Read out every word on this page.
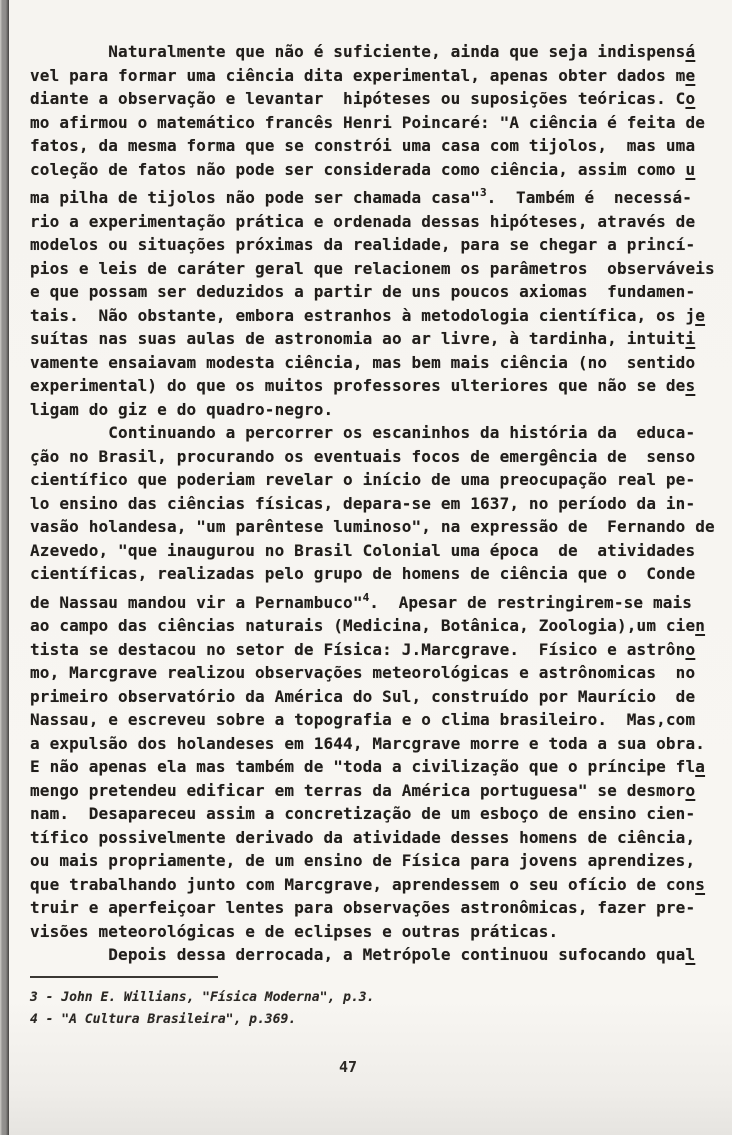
Naturalmente que não é suficiente, ainda que seja indispensá
vel para formar uma ciência dita experimental, apenas obter dados me
diante a observação e levantar  hipóteses ou suposições teóricas. Co
mo afirmou o matemático francês Henri Poincaré: "A ciência é feita de
fatos, da mesma forma que se constrói uma casa com tijolos,  mas uma
coleção de fatos não pode ser considerada como ciência, assim como u
ma pilha de tijolos não pode ser chamada casa"$^3$.  Também é  necessá-
rio a experimentação prática e ordenada dessas hipóteses, através de
modelos ou situações próximas da realidade, para se chegar a princí-
pios e leis de caráter geral que relacionem os parâmetros  observáveis
e que possam ser deduzidos a partir de uns poucos axiomas  fundamen-
tais.  Não obstante, embora estranhos à metodologia científica, os je
suítas nas suas aulas de astronomia ao ar livre, à tardinha, intuiti
vamente ensaiavam modesta ciência, mas bem mais ciência (no  sentido
experimental) do que os muitos professores ulteriores que não se des
ligam do giz e do quadro-negro.
Continuando a percorrer os escaninhos da história da  educa-
ção no Brasil, procurando os eventuais focos de emergência de  senso
científico que poderiam revelar o início de uma preocupação real pe-
lo ensino das ciências físicas, depara-se em 1637, no período da in-
vasão holandesa, "um parêntese luminoso", na expressão de  Fernando de
Azevedo, "que inaugurou no Brasil Colonial uma época  de  atividades
científicas, realizadas pelo grupo de homens de ciência que o  Conde
de Nassau mandou vir a Pernambuco"$^4$.  Apesar de restringirem-se mais
ao campo das ciências naturais (Medicina, Botânica, Zoologia),um cien
tista se destacou no setor de Física: J.Marcgrave.  Físico e astrôno
mo, Marcgrave realizou observações meteorológicas e astrônomicas  no
primeiro observatório da América do Sul, construído por Maurício  de
Nassau, e escreveu sobre a topografia e o clima brasileiro.  Mas,com
a expulsão dos holandeses em 1644, Marcgrave morre e toda a sua obra.
E não apenas ela mas também de "toda a civilização que o príncipe fla
mengo pretendeu edificar em terras da América portuguesa" se desmoro
nam.  Desapareceu assim a concretização de um esboço de ensino cien-
tífico possivelmente derivado da atividade desses homens de ciência,
ou mais propriamente, de um ensino de Física para jovens aprendizes,
que trabalhando junto com Marcgrave, aprendessem o seu ofício de cons
truir e aperfeiçoar lentes para observações astronômicas, fazer pre-
visões meteorológicas e de eclipses e outras práticas.
Depois dessa derrocada, a Metrópole continuou sufocando qual
3 - John E. Willians, "Física Moderna", p.3.
4 - "A Cultura Brasileira", p.369.
47
